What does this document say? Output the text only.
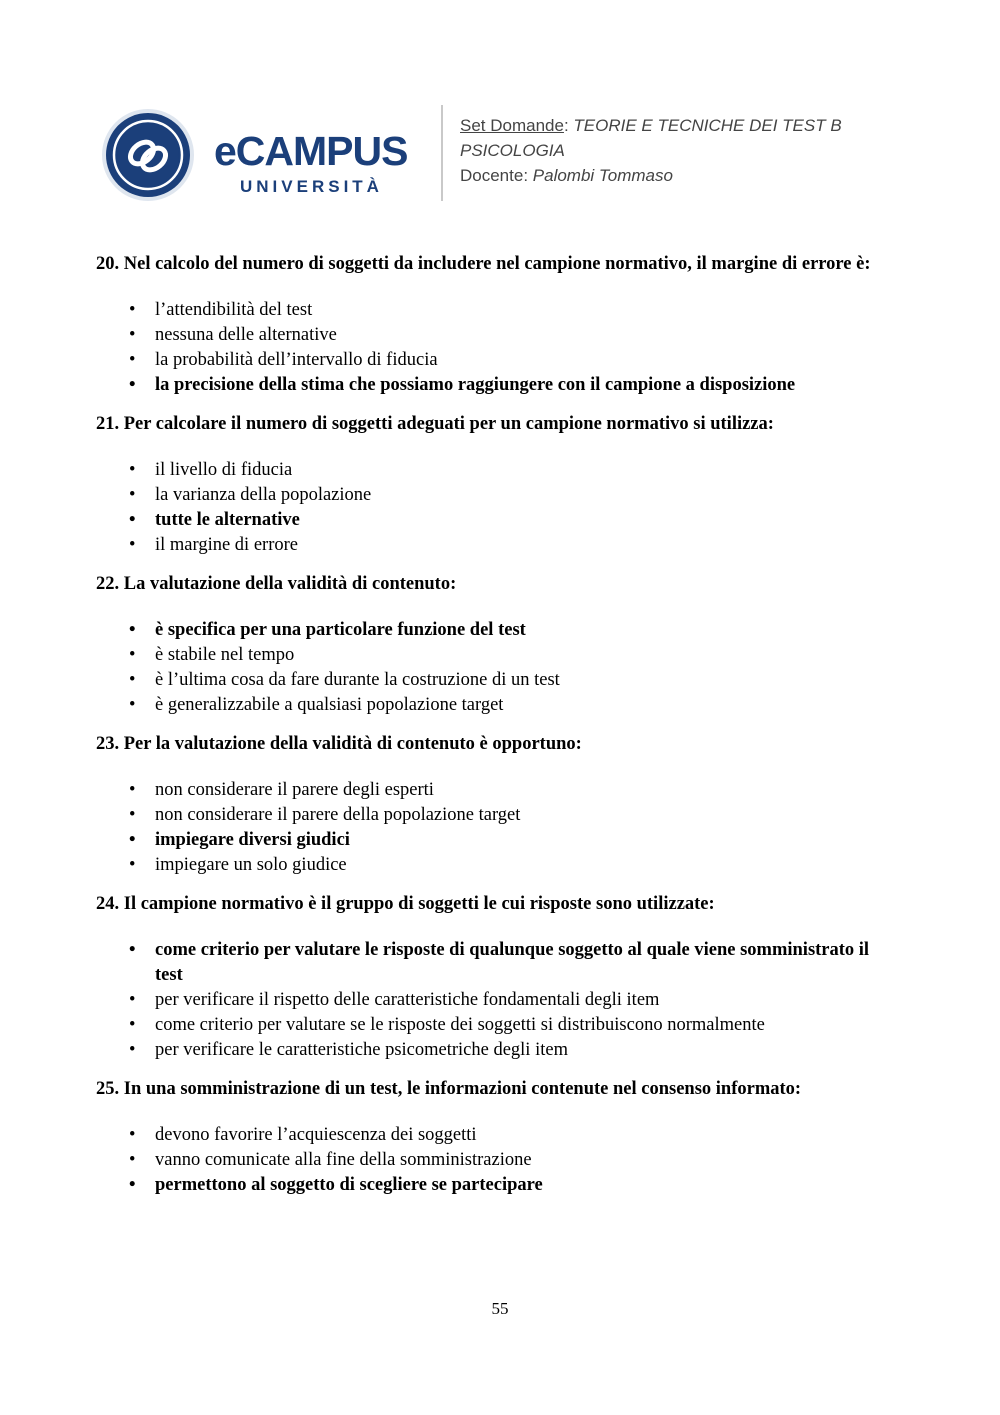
eCAMPUS
UNIVERSITÀ
Set Domande: TEORIE E TECNICHE DEI TEST B
PSICOLOGIA
Docente: Palombi Tommaso
20. Nel calcolo del numero di soggetti da includere nel campione normativo, il margine di errore è:
• l’attendibilità del test
• nessuna delle alternative
• la probabilità dell’intervallo di fiducia
• la precisione della stima che possiamo raggiungere con il campione a disposizione
21. Per calcolare il numero di soggetti adeguati per un campione normativo si utilizza:
• il livello di fiducia
• la varianza della popolazione
• tutte le alternative
• il margine di errore
22. La valutazione della validità di contenuto:
• è specifica per una particolare funzione del test
• è stabile nel tempo
• è l’ultima cosa da fare durante la costruzione di un test
• è generalizzabile a qualsiasi popolazione target
23. Per la valutazione della validità di contenuto è opportuno:
• non considerare il parere degli esperti
• non considerare il parere della popolazione target
• impiegare diversi giudici
• impiegare un solo giudice
24. Il campione normativo è il gruppo di soggetti le cui risposte sono utilizzate:
• come criterio per valutare le risposte di qualunque soggetto al quale viene somministrato il test
• per verificare il rispetto delle caratteristiche fondamentali degli item
• come criterio per valutare se le risposte dei soggetti si distribuiscono normalmente
• per verificare le caratteristiche psicometriche degli item
25. In una somministrazione di un test, le informazioni contenute nel consenso informato:
• devono favorire l’acquiescenza dei soggetti
• vanno comunicate alla fine della somministrazione
• permettono al soggetto di scegliere se partecipare
55
